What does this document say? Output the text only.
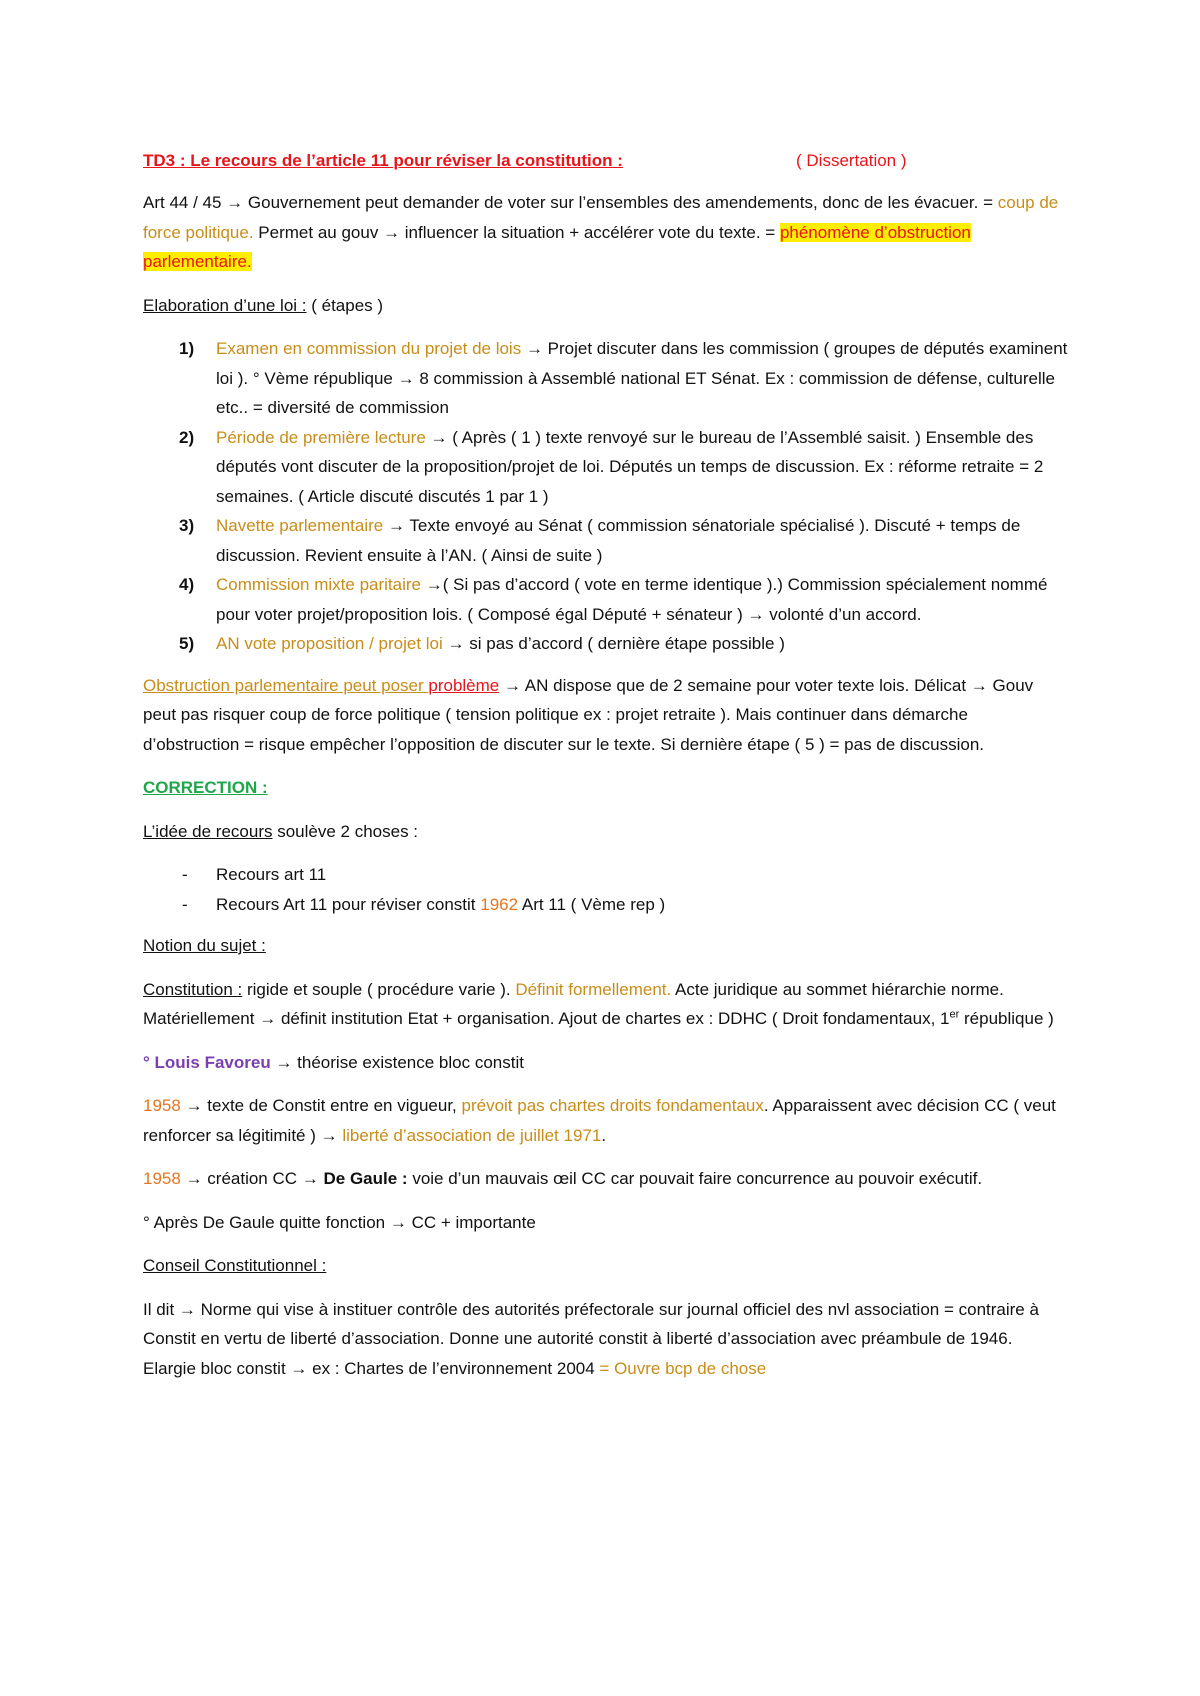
TD3 : Le recours de l’article 11 pour réviser la constitution :	( Dissertation )

Art 44 / 45 → Gouvernement peut demander de voter sur l’ensembles des amendements, donc de les évacuer. = coup de force politique. Permet au gouv → influencer la situation + accélérer vote du texte. = phénomène d’obstruction parlementaire.

Elaboration d’une loi : ( étapes )

1) Examen en commission du projet de lois → Projet discuter dans les commission ( groupes de députés examinent loi ). ° Vème république → 8 commission à Assemblé national ET Sénat. Ex : commission de défense, culturelle etc.. = diversité de commission
2) Période de première lecture → ( Après ( 1 ) texte renvoyé sur le bureau de l’Assemblé saisit. ) Ensemble des députés vont discuter de la proposition/projet de loi. Députés un temps de discussion. Ex : réforme retraite = 2 semaines. ( Article discuté discutés 1 par 1 )
3) Navette parlementaire → Texte envoyé au Sénat ( commission sénatoriale spécialisé ). Discuté + temps de discussion. Revient ensuite à l’AN. ( Ainsi de suite )
4) Commission mixte paritaire →( Si pas d’accord ( vote en terme identique ).) Commission spécialement nommé pour voter projet/proposition lois. ( Composé égal Député + sénateur ) → volonté d’un accord.
5) AN vote proposition / projet loi → si pas d’accord ( dernière étape possible )

Obstruction parlementaire peut poser problème → AN dispose que de 2 semaine pour voter texte lois. Délicat → Gouv peut pas risquer coup de force politique ( tension politique ex : projet retraite ). Mais continuer dans démarche d’obstruction = risque empêcher l’opposition de discuter sur le texte. Si dernière étape ( 5 ) = pas de discussion.

CORRECTION :

L’idée de recours soulève 2 choses :

- Recours art 11
- Recours Art 11 pour réviser constit 1962 Art 11 ( Vème rep )

Notion du sujet :

Constitution : rigide et souple ( procédure varie ). Définit formellement. Acte juridique au sommet hiérarchie norme. Matériellement → définit institution Etat + organisation. Ajout de chartes ex : DDHC ( Droit fondamentaux, 1er république )

° Louis Favoreu → théorise existence bloc constit

1958 → texte de Constit entre en vigueur, prévoit pas chartes droits fondamentaux. Apparaissent avec décision CC ( veut renforcer sa légitimité ) → liberté d’association de juillet 1971.

1958 → création CC → De Gaule : voie d’un mauvais œil CC car pouvait faire concurrence au pouvoir exécutif.

° Après De Gaule quitte fonction → CC + importante

Conseil Constitutionnel :

Il dit → Norme qui vise à instituer contrôle des autorités préfectorale sur journal officiel des nvl association = contraire à Constit en vertu de liberté d’association. Donne une autorité constit à liberté d’association avec préambule de 1946. Elargie bloc constit → ex : Chartes de l’environnement 2004 = Ouvre bcp de chose
